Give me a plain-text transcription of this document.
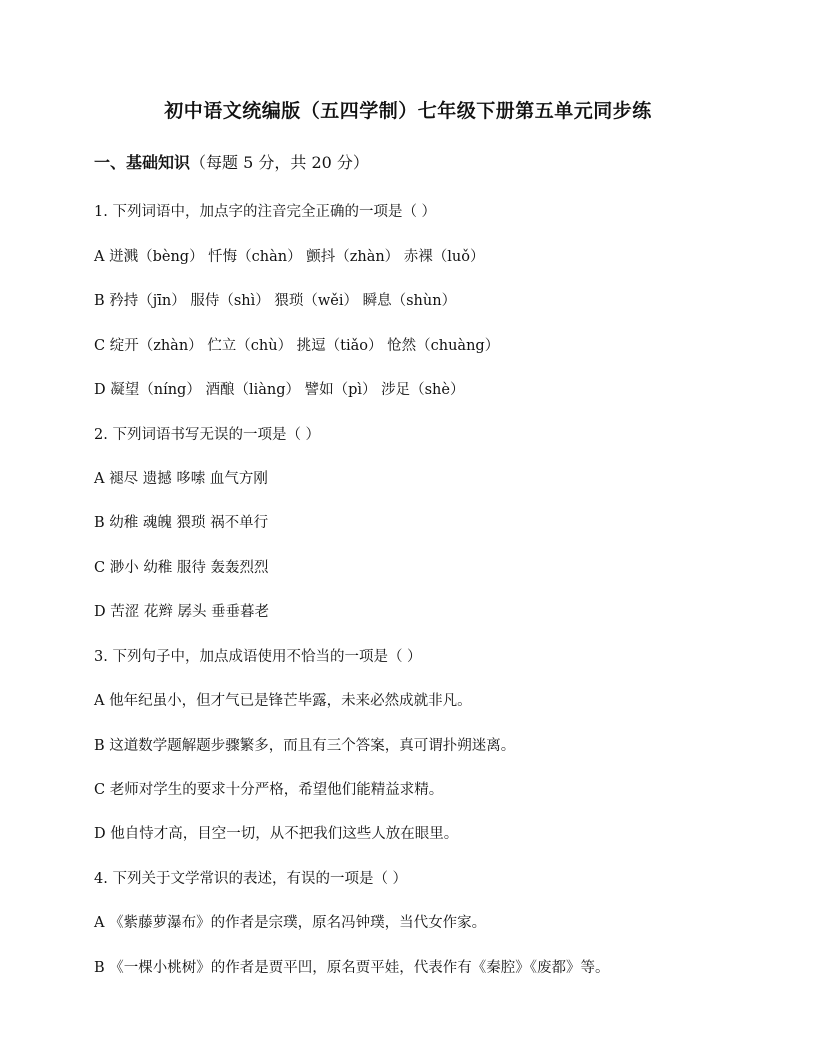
初中语文统编版（五四学制）七年级下册第五单元同步练
一、基础知识（每题 5 分，共 20 分）
1. 下列词语中，加点字的注音完全正确的一项是（ ）
A 迸溅（bèng） 忏悔（chàn） 颤抖（zhàn） 赤裸（luǒ）
B 矜持（jīn） 服侍（shì） 猥琐（wěi） 瞬息（shùn）
C 绽开（zhàn） 伫立（chù） 挑逗（tiǎo） 怆然（chuàng）
D 凝望（níng） 酒酿（liàng） 譬如（pì） 涉足（shè）
2. 下列词语书写无误的一项是（ ）
A 褪尽 遗撼 哆嗦 血气方刚
B 幼稚 魂魄 猥琐 祸不单行
C 渺小 幼稚 服待 轰轰烈烈
D 苦涩 花辫 孱头 垂垂暮老
3. 下列句子中，加点成语使用不恰当的一项是（ ）
A 他年纪虽小，但才气已是锋芒毕露，未来必然成就非凡。
B 这道数学题解题步骤繁多，而且有三个答案，真可谓扑朔迷离。
C 老师对学生的要求十分严格，希望他们能精益求精。
D 他自恃才高，目空一切，从不把我们这些人放在眼里。
4. 下列关于文学常识的表述，有误的一项是（ ）
A 《紫藤萝瀑布》的作者是宗璞，原名冯钟璞，当代女作家。
B 《一棵小桃树》的作者是贾平凹，原名贾平娃，代表作有《秦腔》《废都》等。
